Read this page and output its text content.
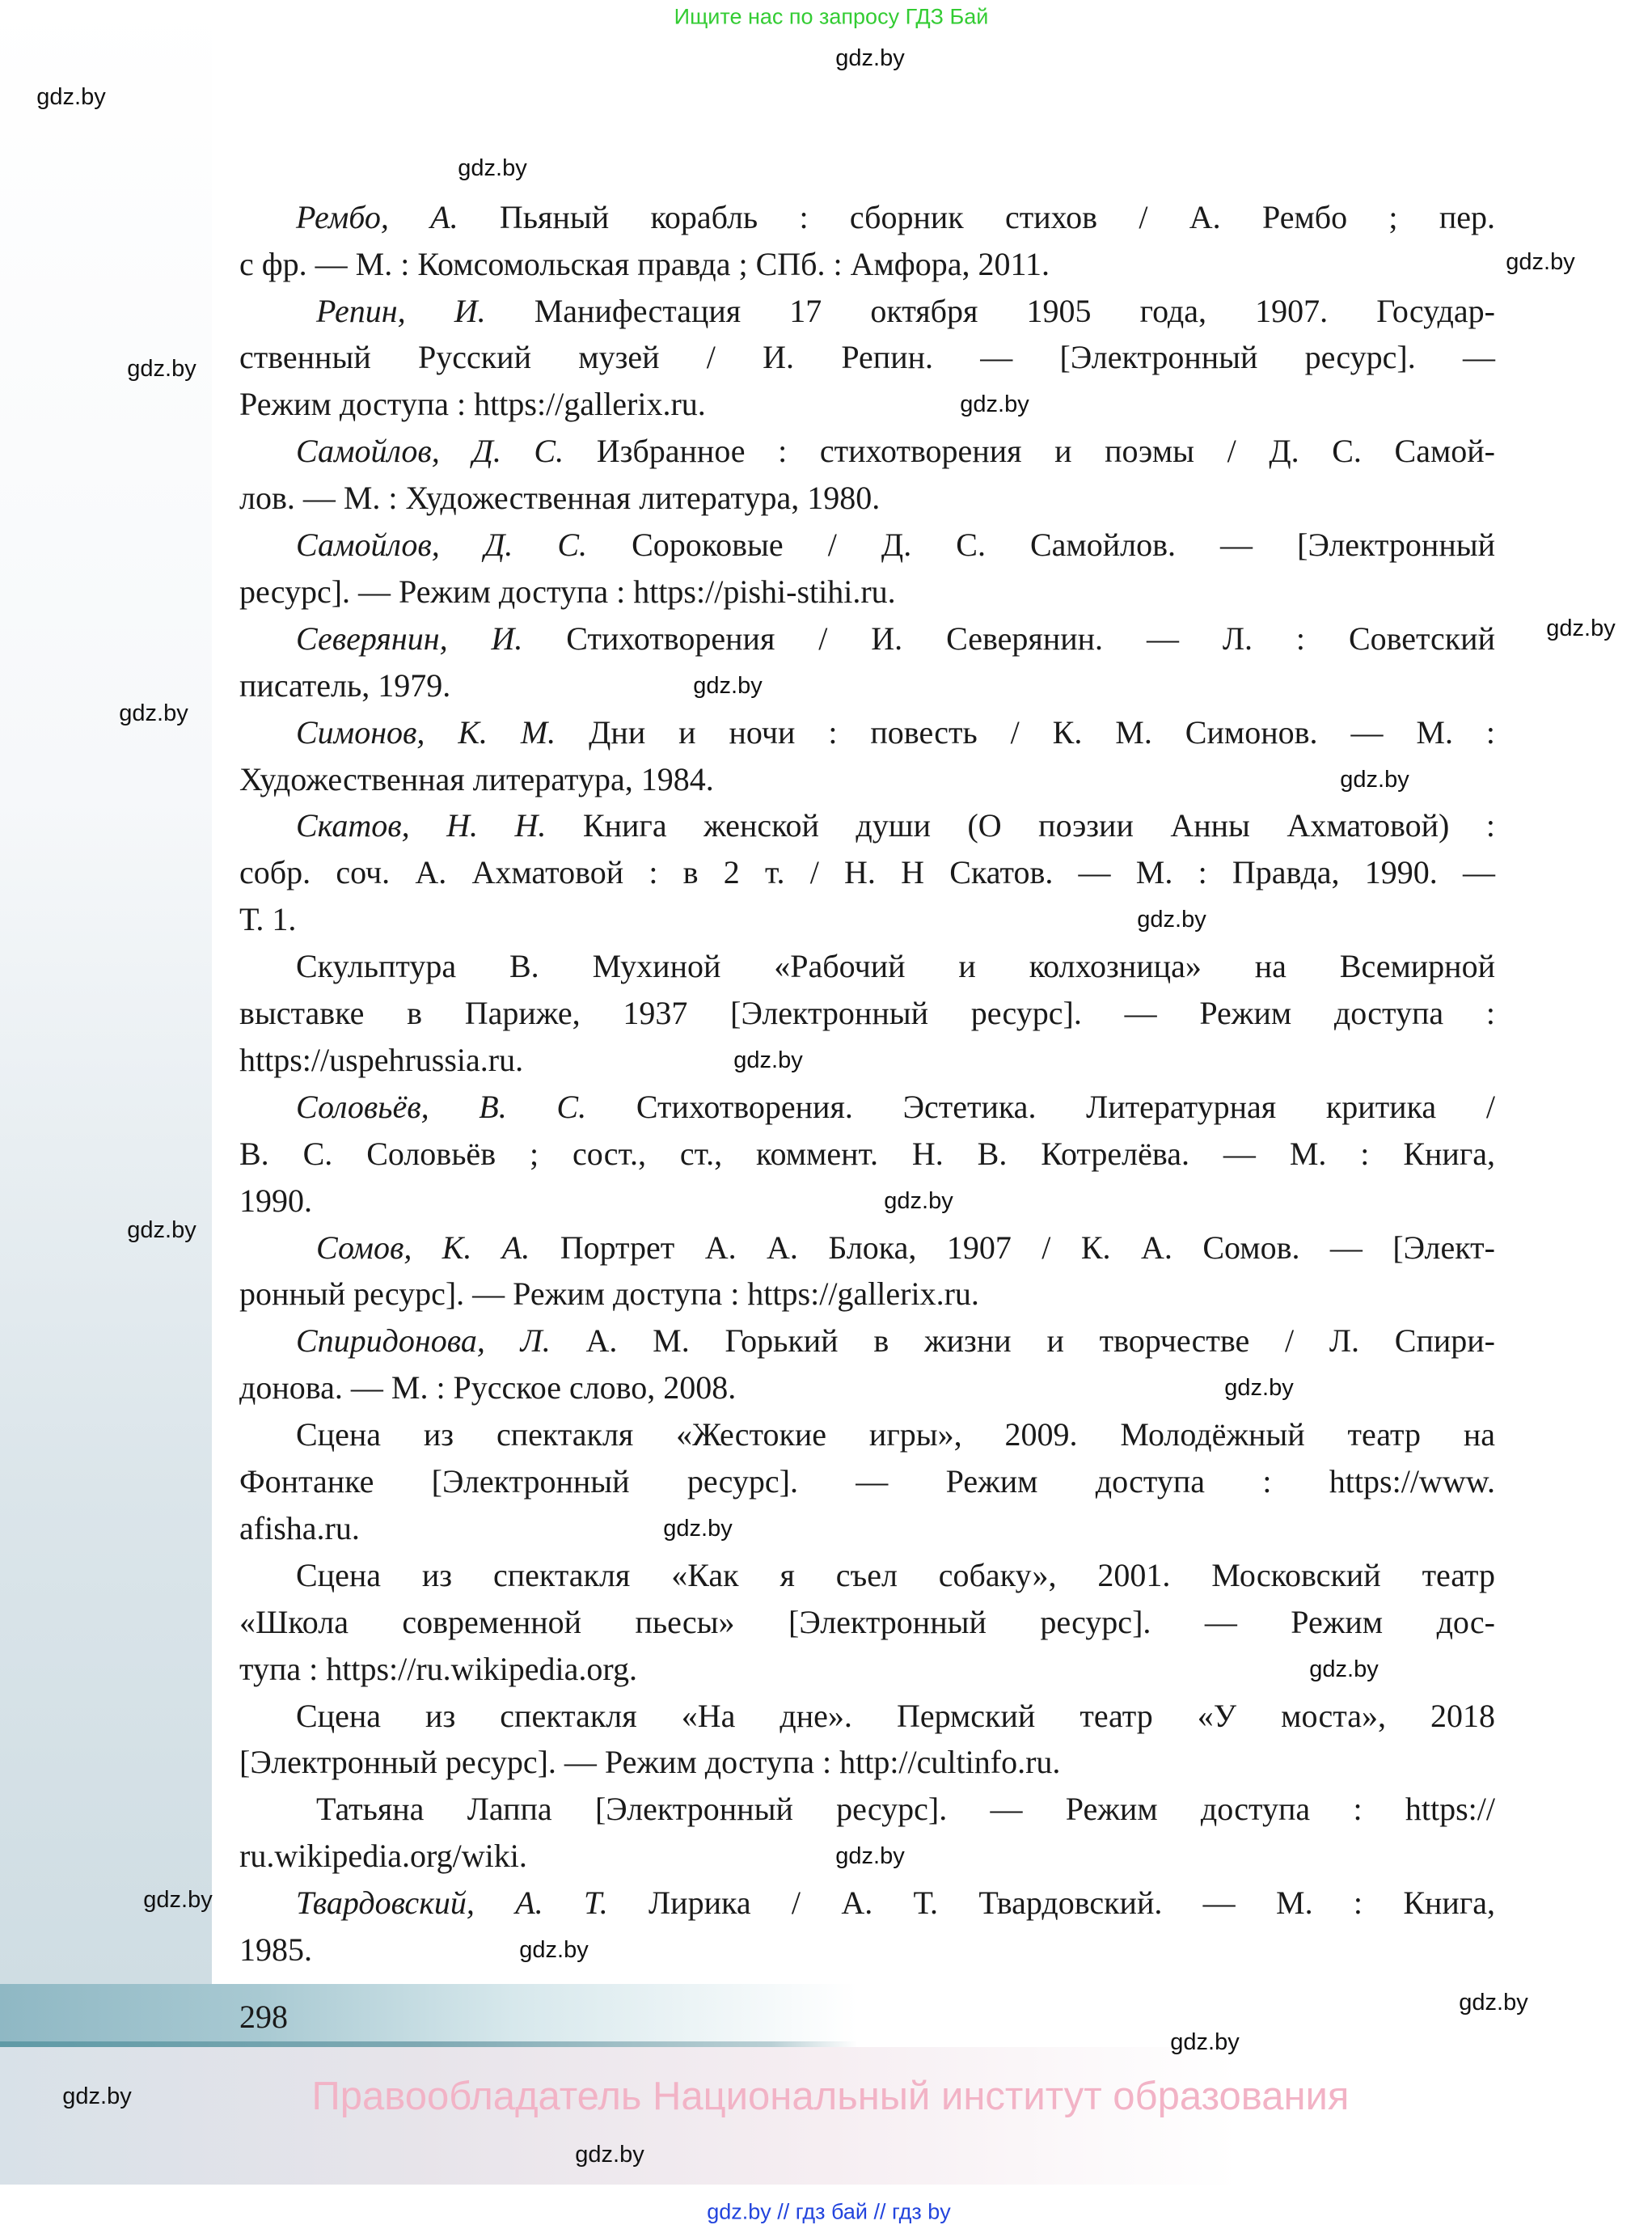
Ищите нас по запросу ГДЗ Бай
Рембо, А. Пьяный корабль : сборник стихов / А. Рембо ; пер.
с фр. — М. : Комсомольская правда ; СПб. : Амфора, 2011.
Репин, И. Манифестация 17 октября 1905 года, 1907. Государ-
ственный Русский музей / И. Репин. — [Электронный ресурс]. —
Режим доступа : https://gallerix.ru.
Самойлов, Д. С. Избранное : стихотворения и поэмы / Д. С. Самой-
лов. — М. : Художественная литература, 1980.
Самойлов, Д. С. Сороковые / Д. С. Самойлов. — [Электронный
ресурс]. — Режим доступа : https://pishi-stihi.ru.
Северянин, И. Стихотворения / И. Северянин. — Л. : Советский
писатель, 1979.
Симонов, К. М. Дни и ночи : повесть / К. М. Симонов. — М. :
Художественная литература, 1984.
Скатов, Н. Н. Книга женской души (О поэзии Анны Ахматовой) :
собр. соч. А. Ахматовой : в 2 т. / Н. Н Скатов. — М. : Правда, 1990. —
Т. 1.
Скульптура В. Мухиной «Рабочий и колхозница» на Всемирной
выставке в Париже, 1937 [Электронный ресурс]. — Режим доступа :
https://uspehrussia.ru.
Соловьёв, В. С. Стихотворения. Эстетика. Литературная критика /
В. С. Соловьёв ; сост., ст., коммент. Н. В. Котрелёва. — М. : Книга,
1990.
Сомов, К. А. Портрет А. А. Блока, 1907 / К. А. Сомов. — [Элект-
ронный ресурс]. — Режим доступа : https://gallerix.ru.
Спиридонова, Л. А. М. Горький в жизни и творчестве / Л. Спири-
донова. — М. : Русское слово, 2008.
Сцена из спектакля «Жестокие игры», 2009. Молодёжный театр на
Фонтанке [Электронный ресурс]. — Режим доступа : https://www.
afisha.ru.
Сцена из спектакля «Как я съел собаку», 2001. Московский театр
«Школа современной пьесы» [Электронный ресурс]. — Режим дос-
тупа : https://ru.wikipedia.org.
Сцена из спектакля «На дне». Пермский театр «У моста», 2018
[Электронный ресурс]. — Режим доступа : http://cultinfo.ru.
Татьяна Лаппа [Электронный ресурс]. — Режим доступа : https://
ru.wikipedia.org/wiki.
Твардовский, А. Т. Лирика / А. Т. Твардовский. — М. : Книга,
1985.
gdz.by
gdz.by
gdz.by
gdz.by
gdz.by
gdz.by
gdz.by
gdz.by
gdz.by
gdz.by
gdz.by
gdz.by
gdz.by
gdz.by
gdz.by
gdz.by
gdz.by
gdz.by
gdz.by
gdz.by
gdz.by
gdz.by
gdz.by
gdz.by
298
Правообладатель Национальный институт образования
gdz.by // гдз бай // гдз by
